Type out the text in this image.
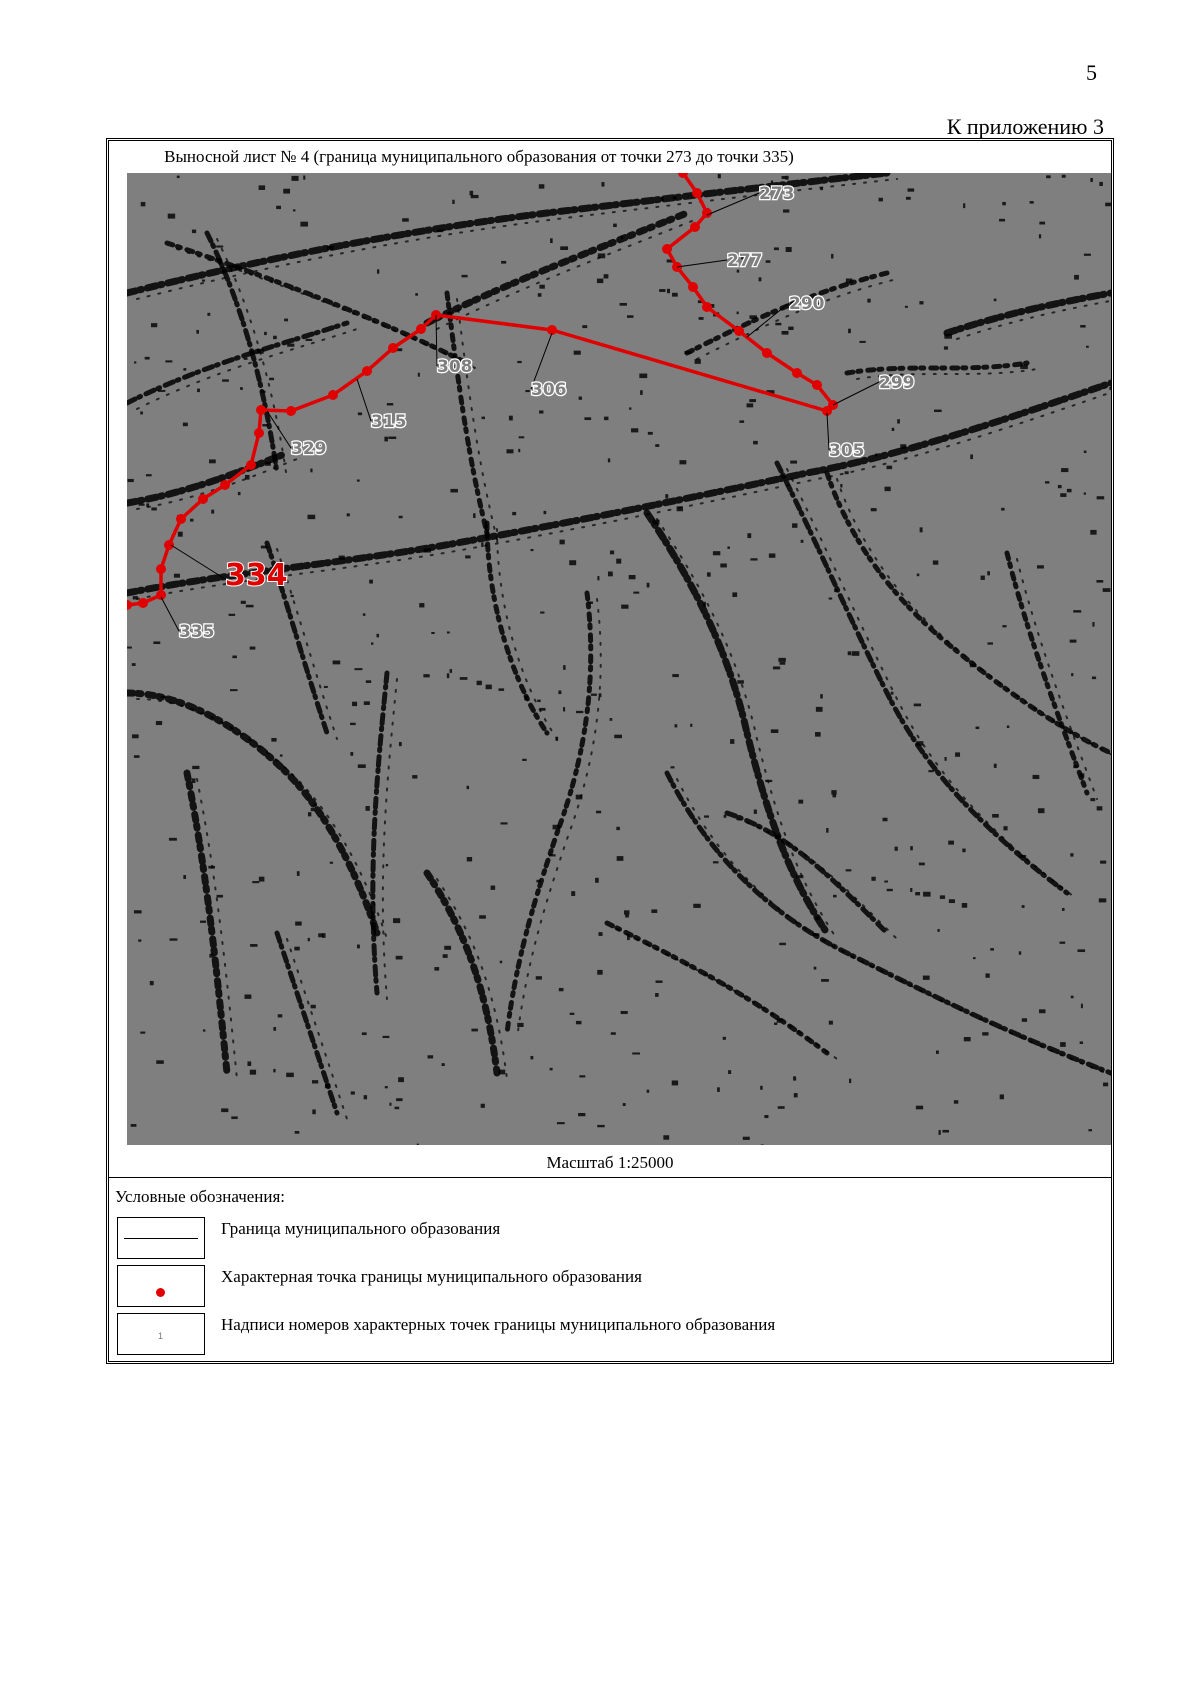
5
К приложению 3
Выносной лист № 4 (граница муниципального образования от точки 273 до точки 335)
273
277
290
299
305
306
308
315
329
334
335
Масштаб 1:25000
Условные обозначения:
Граница муниципального образования
Характерная точка границы муниципального образования
1
Надписи номеров характерных точек границы муниципального образования
